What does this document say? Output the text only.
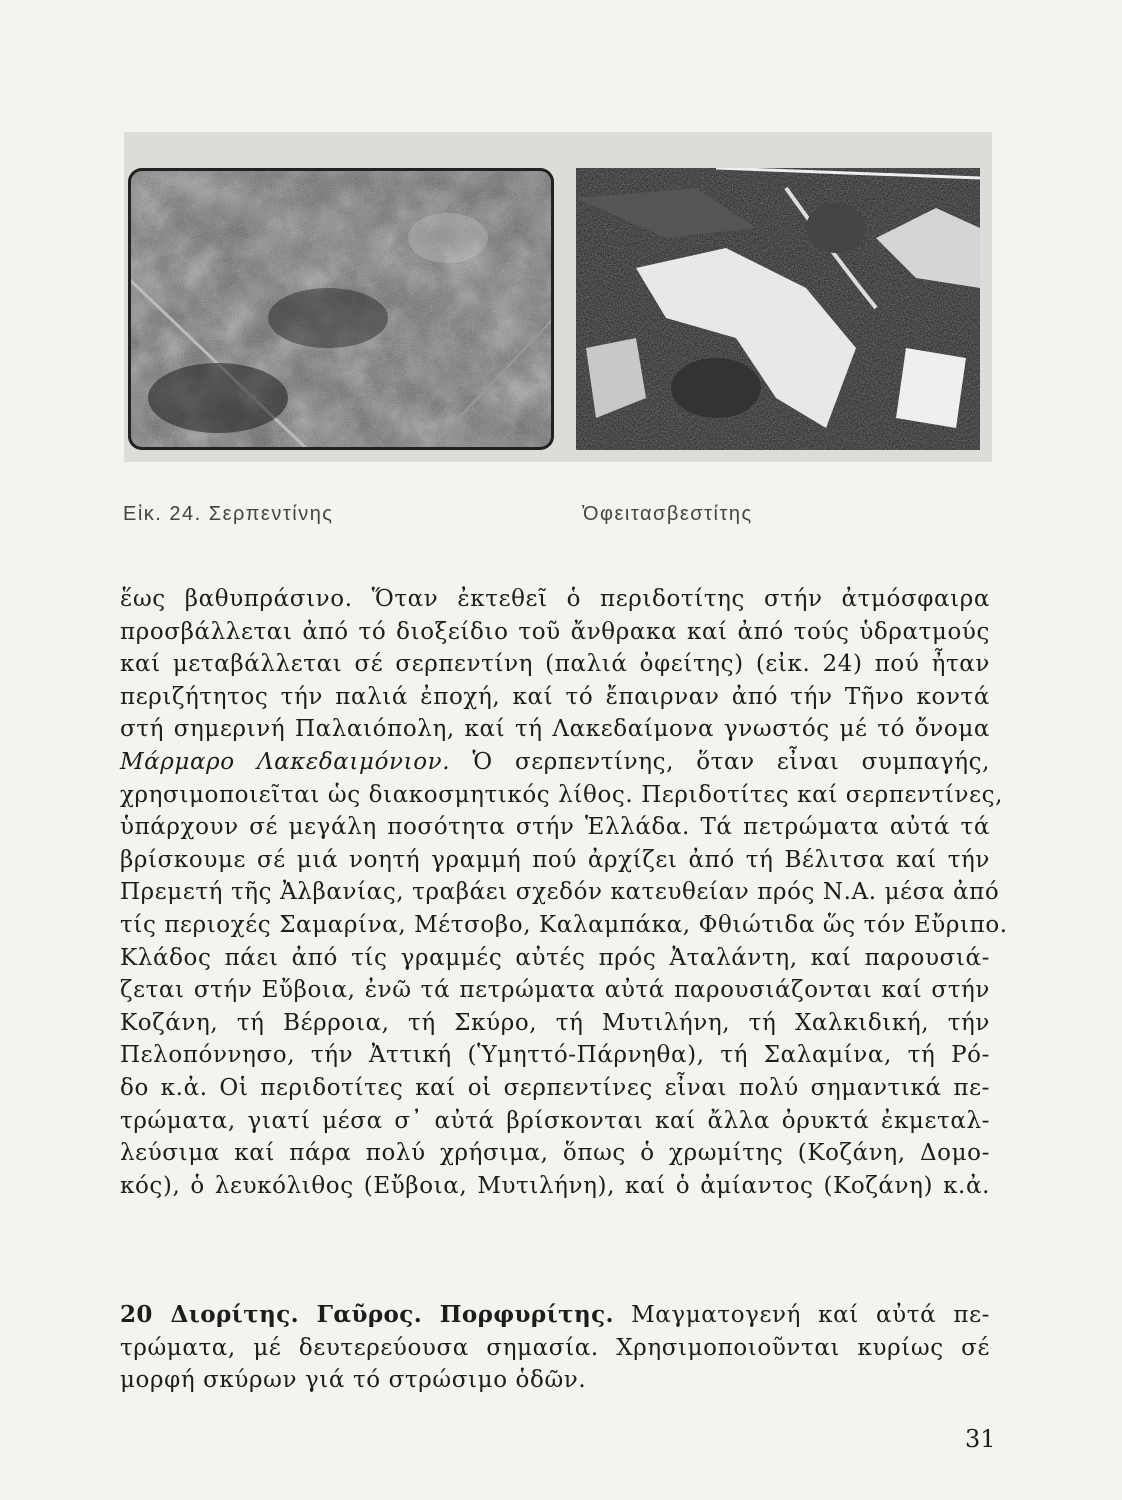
Εἰκ. 24. Σερπεντίνης	Ὀφειτασβεστίτης
ἕως βαθυπράσινο. Ὅταν ἐκτεθεῖ ὁ περιδοτίτης στήν ἀτμόσφαιρα
προσβάλλεται ἀπό τό διοξείδιο τοῦ ἄνθρακα καί ἀπό τούς ὑδρατμούς
καί μεταβάλλεται σέ σερπεντίνη (παλιά ὀφείτης) (εἰκ. 24) πού ἦταν
περιζήτητος τήν παλιά ἐποχή, καί τό ἔπαιρναν ἀπό τήν Τῆνο κοντά
στή σημερινή Παλαιόπολη, καί τή Λακεδαίμονα γνωστός μέ τό ὄνομα
Μάρμαρο Λακεδαιμόνιον. Ὁ σερπεντίνης, ὅταν εἶναι συμπαγής,
χρησιμοποιεῖται ὡς διακοσμητικός λίθος. Περιδοτίτες καί σερπεντίνες,
ὑπάρχουν σέ μεγάλη ποσότητα στήν Ἑλλάδα. Τά πετρώματα αὐτά τά
βρίσκουμε σέ μιά νοητή γραμμή πού ἀρχίζει ἀπό τή Βέλιτσα καί τήν
Πρεμετή τῆς Ἀλβανίας, τραβάει σχεδόν κατευθείαν πρός Ν.Α. μέσα ἀπό
τίς περιοχές Σαμαρίνα, Μέτσοβο, Καλαμπάκα, Φθιώτιδα ὥς τόν Εὔριπο.
Κλάδος πάει ἀπό τίς γραμμές αὐτές πρός Ἀταλάντη, καί παρουσιά-
ζεται στήν Εὔβοια, ἐνῶ τά πετρώματα αὐτά παρουσιάζονται καί στήν
Κοζάνη, τή Βέρροια, τή Σκύρο, τή Μυτιλήνη, τή Χαλκιδική, τήν
Πελοπόννησο, τήν Ἀττική (Ὑμηττό-Πάρνηθα), τή Σαλαμίνα, τή Ρό-
δο κ.ἀ. Οἱ περιδοτίτες καί οἱ σερπεντίνες εἶναι πολύ σημαντικά πε-
τρώματα, γιατί μέσα σ᾽ αὐτά βρίσκονται καί ἄλλα ὀρυκτά ἐκμεταλ-
λεύσιμα καί πάρα πολύ χρήσιμα, ὅπως ὁ χρωμίτης (Κοζάνη, Δομο-
κός), ὁ λευκόλιθος (Εὔβοια, Μυτιλήνη), καί ὁ ἀμίαντος (Κοζάνη) κ.ἀ.
20 Διορίτης. Γαῦρος. Πορφυρίτης. Μαγματογενή καί αὐτά πε-
τρώματα, μέ δευτερεύουσα σημασία. Χρησιμοποιοῦνται κυρίως σέ
μορφή σκύρων γιά τό στρώσιμο ὁδῶν.
31
